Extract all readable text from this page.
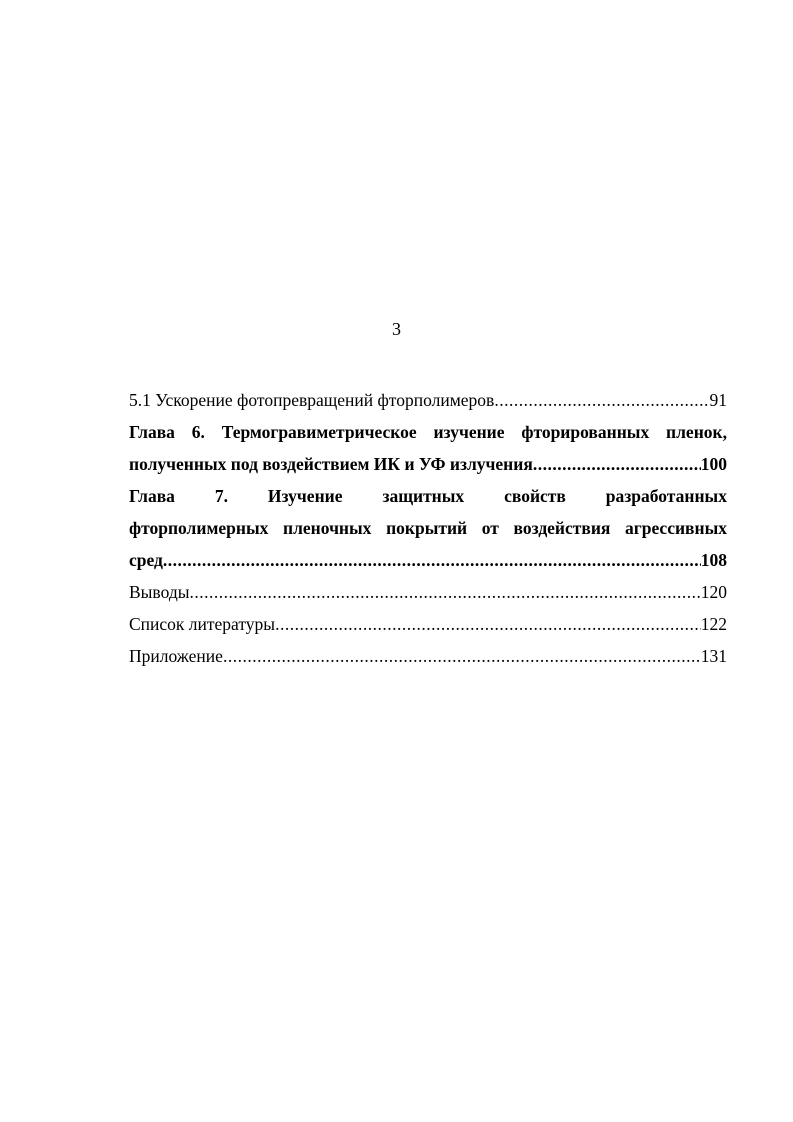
3
5.1 Ускорение фотопревращений фторполимеров .....	91
Глава 6. Термогравиметрическое изучение фторированных пленок,
полученных под воздействием ИК и УФ излучения .....	100
Глава 7. Изучение защитных свойств разработанных
фторполимерных пленочных покрытий от воздействия агрессивных
сред .....	108
Выводы .....	120
Список литературы .....	122
Приложение .....	131
